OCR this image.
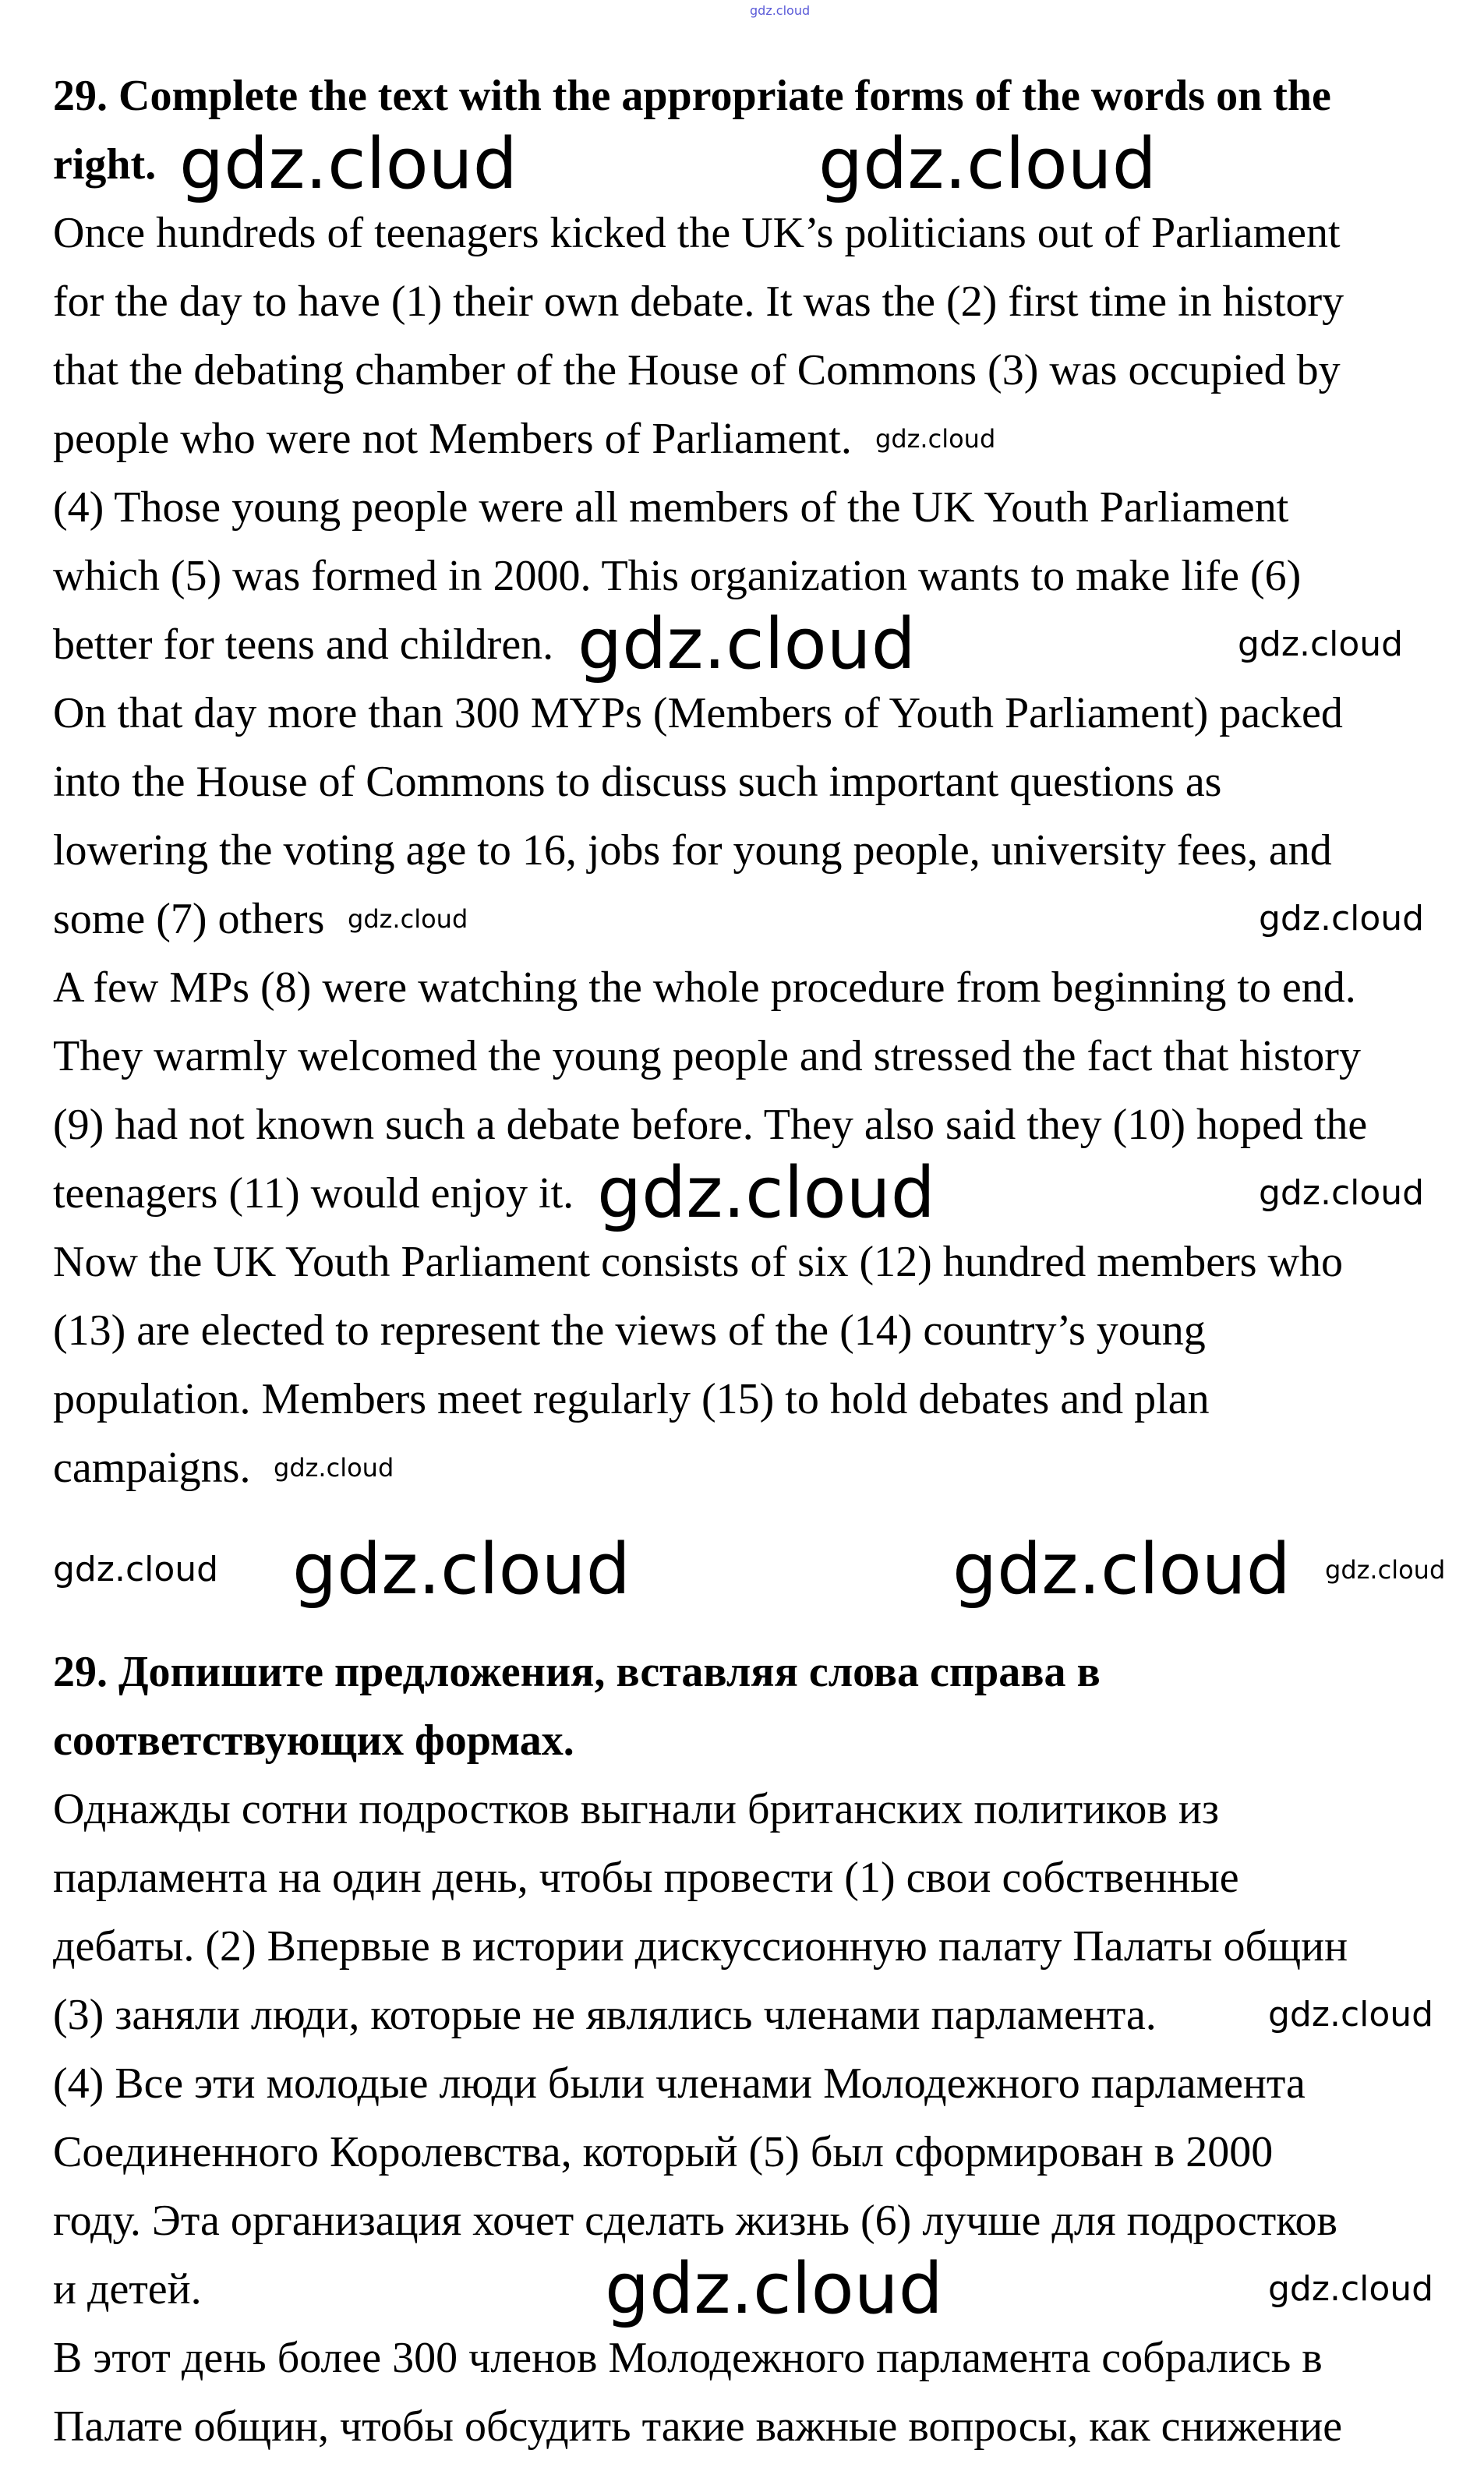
29. Complete the text with the appropriate forms of the words on the
right.
Once hundreds of teenagers kicked the UK’s politicians out of Parliament
for the day to have (1) their own debate. It was the (2) first time in history
that the debating chamber of the House of Commons (3) was occupied by
people who were not Members of Parliament.
(4) Those young people were all members of the UK Youth Parliament
which (5) was formed in 2000. This organization wants to make life (6)
better for teens and children.
On that day more than 300 MYPs (Members of Youth Parliament) packed
into the House of Commons to discuss such important questions as
lowering the voting age to 16, jobs for young people, university fees, and
some (7) others
A few MPs (8) were watching the whole procedure from beginning to end.
They warmly welcomed the young people and stressed the fact that history
(9) had not known such a debate before. They also said they (10) hoped the
teenagers (11) would enjoy it.
Now the UK Youth Parliament consists of six (12) hundred members who
(13) are elected to represent the views of the (14) country’s young
population. Members meet regularly (15) to hold debates and plan
campaigns.
29. Допишите предложения, вставляя слова справа в
соответствующих формах.
Однажды сотни подростков выгнали британских политиков из
парламента на один день, чтобы провести (1) свои собственные
дебаты. (2) Впервые в истории дискуссионную палату Палаты общин
(3) заняли люди, которые не являлись членами парламента.
(4) Все эти молодые люди были членами Молодежного парламента
Соединенного Королевства, который (5) был сформирован в 2000
году. Эта организация хочет сделать жизнь (6) лучше для подростков
и детей.
В этот день более 300 членов Молодежного парламента собрались в
Палате общин, чтобы обсудить такие важные вопросы, как снижение
gdz.cloud
gdz.cloud	gdz.cloud
gdz.cloud
gdz.cloud	gdz.cloud
gdz.cloud	gdz.cloud
gdz.cloud	gdz.cloud
gdz.cloud
gdz.cloud gdz.cloud	gdz.cloud gdz.cloud
gdz.cloud
gdz.cloud	gdz.cloud
